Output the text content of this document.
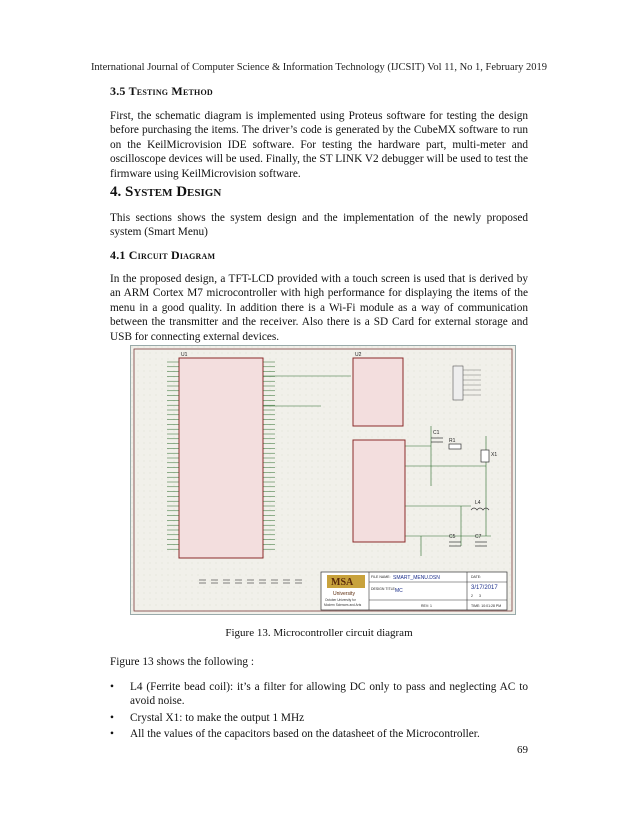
International Journal of Computer Science & Information Technology (IJCSIT) Vol 11, No 1, February 2019
3.5 Testing Method
First, the schematic diagram is implemented using Proteus software for testing the design before purchasing the items. The driver’s code is generated by the CubeMX software to run on the KeilMicrovision IDE software. For testing the hardware part, multi-meter and oscilloscope devices will be used. Finally, the ST LINK V2 debugger will be used to test the firmware using KeilMicrovision software.
4. System Design
This sections shows the system design and the implementation of the newly proposed system (Smart Menu)
4.1 Circuit Diagram
In the proposed design, a TFT-LCD provided with a touch screen is used that is derived by an ARM Cortex M7 microcontroller with high performance for displaying the items of the menu in a good quality. In addition there is a Wi-Fi module as a way of communication between the transmitter and the receiver. Also there is a SD Card for external storage and USB for connecting external devices.
U1	U2
C1
R1
X1
L4
C5	C7
MSA
University
October University for
Modern Sciences and Arts
FILE NAME: SMART_MENU.DSN
DESIGN TITLE: MC
DATE:
3/17/2017
2 3
REV: 1	TIME: 10:01:28 PM
Figure 13. Microcontroller circuit diagram
Figure 13 shows the following :
• L4 (Ferrite bead coil): it’s a filter for allowing DC only to pass and neglecting AC to avoid noise.
• Crystal X1: to make the output 1 MHz
• All the values of the capacitors based on the datasheet of the Microcontroller.
69
